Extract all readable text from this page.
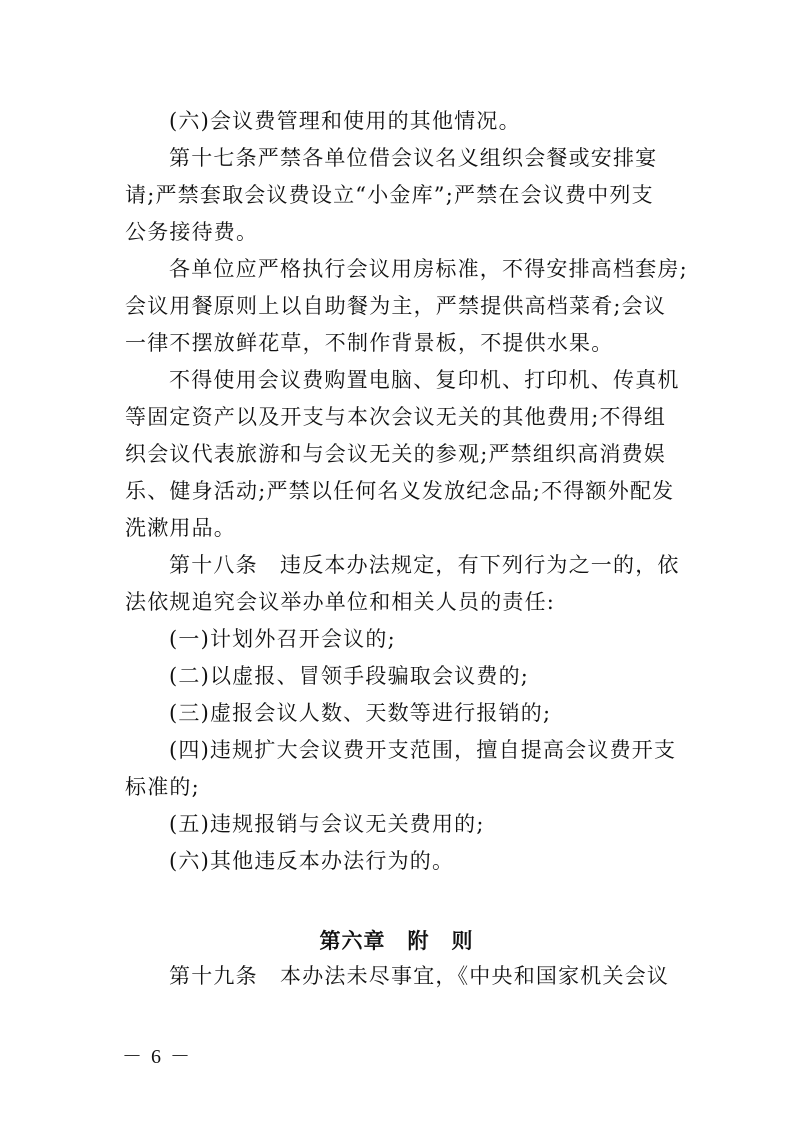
(六)会议费管理和使用的其他情况。
第十七条严禁各单位借会议名义组织会餐或安排宴
请;严禁套取会议费设立“小金库”;严禁在会议费中列支
公务接待费。
各单位应严格执行会议用房标准，不得安排高档套房;
会议用餐原则上以自助餐为主，严禁提供高档菜肴;会议
一律不摆放鲜花草，不制作背景板，不提供水果。
不得使用会议费购置电脑、复印机、打印机、传真机
等固定资产以及开支与本次会议无关的其他费用;不得组
织会议代表旅游和与会议无关的参观;严禁组织高消费娱
乐、健身活动;严禁以任何名义发放纪念品;不得额外配发
洗漱用品。
第十八条　违反本办法规定，有下列行为之一的，依
法依规追究会议举办单位和相关人员的责任:
(一)计划外召开会议的;
(二)以虚报、冒领手段骗取会议费的;
(三)虚报会议人数、天数等进行报销的;
(四)违规扩大会议费开支范围，擅自提高会议费开支
标准的;
(五)违规报销与会议无关费用的;
(六)其他违反本办法行为的。
第六章　附　则
第十九条　本办法未尽事宜，《中央和国家机关会议
－ 6 －
